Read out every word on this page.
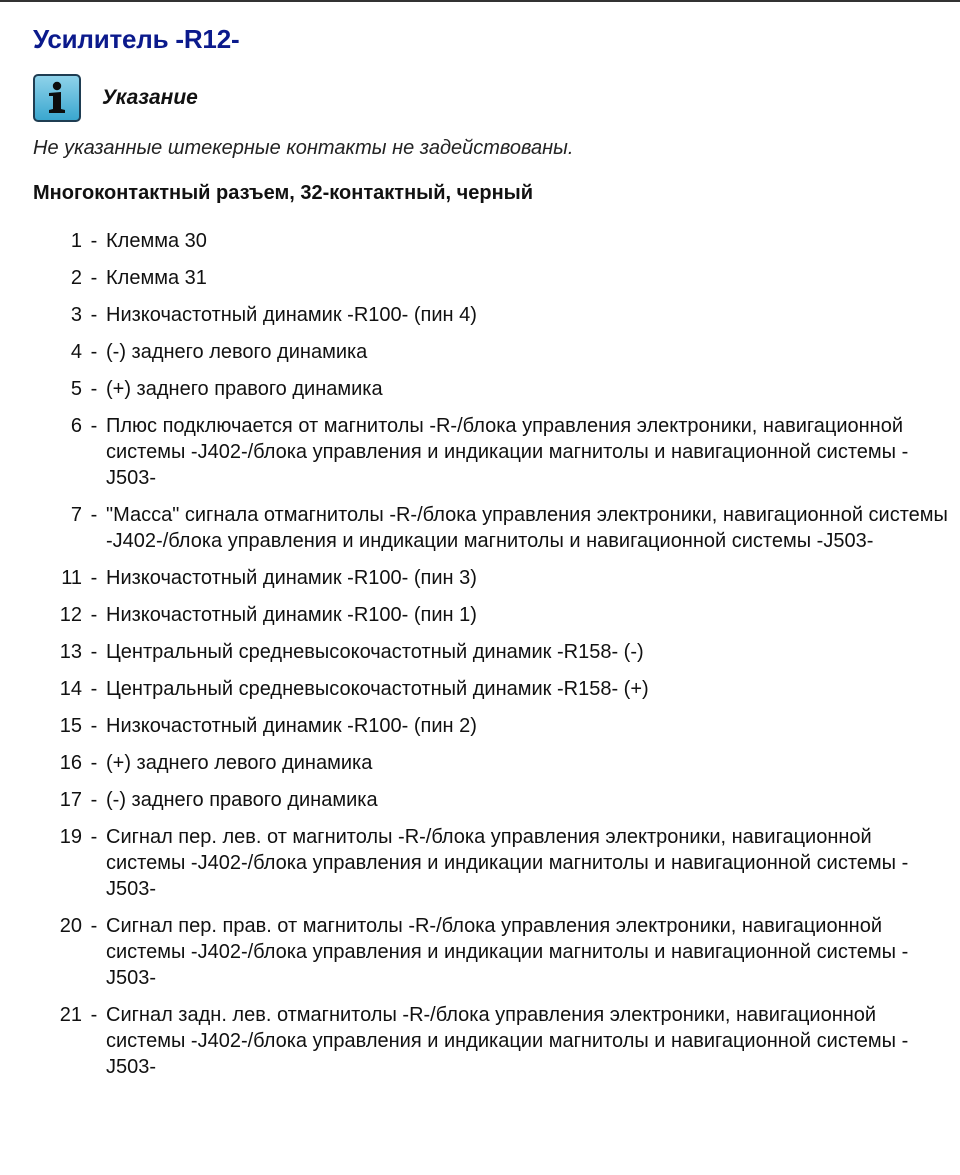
Усилитель -R12-
Указание
Не указанные штекерные контакты не задействованы.
Многоконтактный разъем, 32-контактный, черный
1 - Клемма 30
2 - Клемма 31
3 - Низкочастотный динамик -R100- (пин 4)
4 - (-) заднего левого динамика
5 - (+) заднего правого динамика
6 - Плюс подключается от магнитолы -R-/блока управления электроники, навигационной системы -J402-/блока управления и индикации магнитолы и навигационной системы -J503-
7 - "Масса" сигнала отмагнитолы -R-/блока управления электроники, навигационной системы -J402-/блока управления и индикации магнитолы и навигационной системы -J503-
11 - Низкочастотный динамик -R100- (пин 3)
12 - Низкочастотный динамик -R100- (пин 1)
13 - Центральный средневысокочастотный динамик -R158- (-)
14 - Центральный средневысокочастотный динамик -R158- (+)
15 - Низкочастотный динамик -R100- (пин 2)
16 - (+) заднего левого динамика
17 - (-) заднего правого динамика
19 - Сигнал пер. лев. от магнитолы -R-/блока управления электроники, навигационной системы -J402-/блока управления и индикации магнитолы и навигационной системы -J503-
20 - Сигнал пер. прав. от магнитолы -R-/блока управления электроники, навигационной системы -J402-/блока управления и индикации магнитолы и навигационной системы -J503-
21 - Сигнал задн. лев. отмагнитолы -R-/блока управления электроники, навигационной системы -J402-/блока управления и индикации магнитолы и навигационной системы -J503-
